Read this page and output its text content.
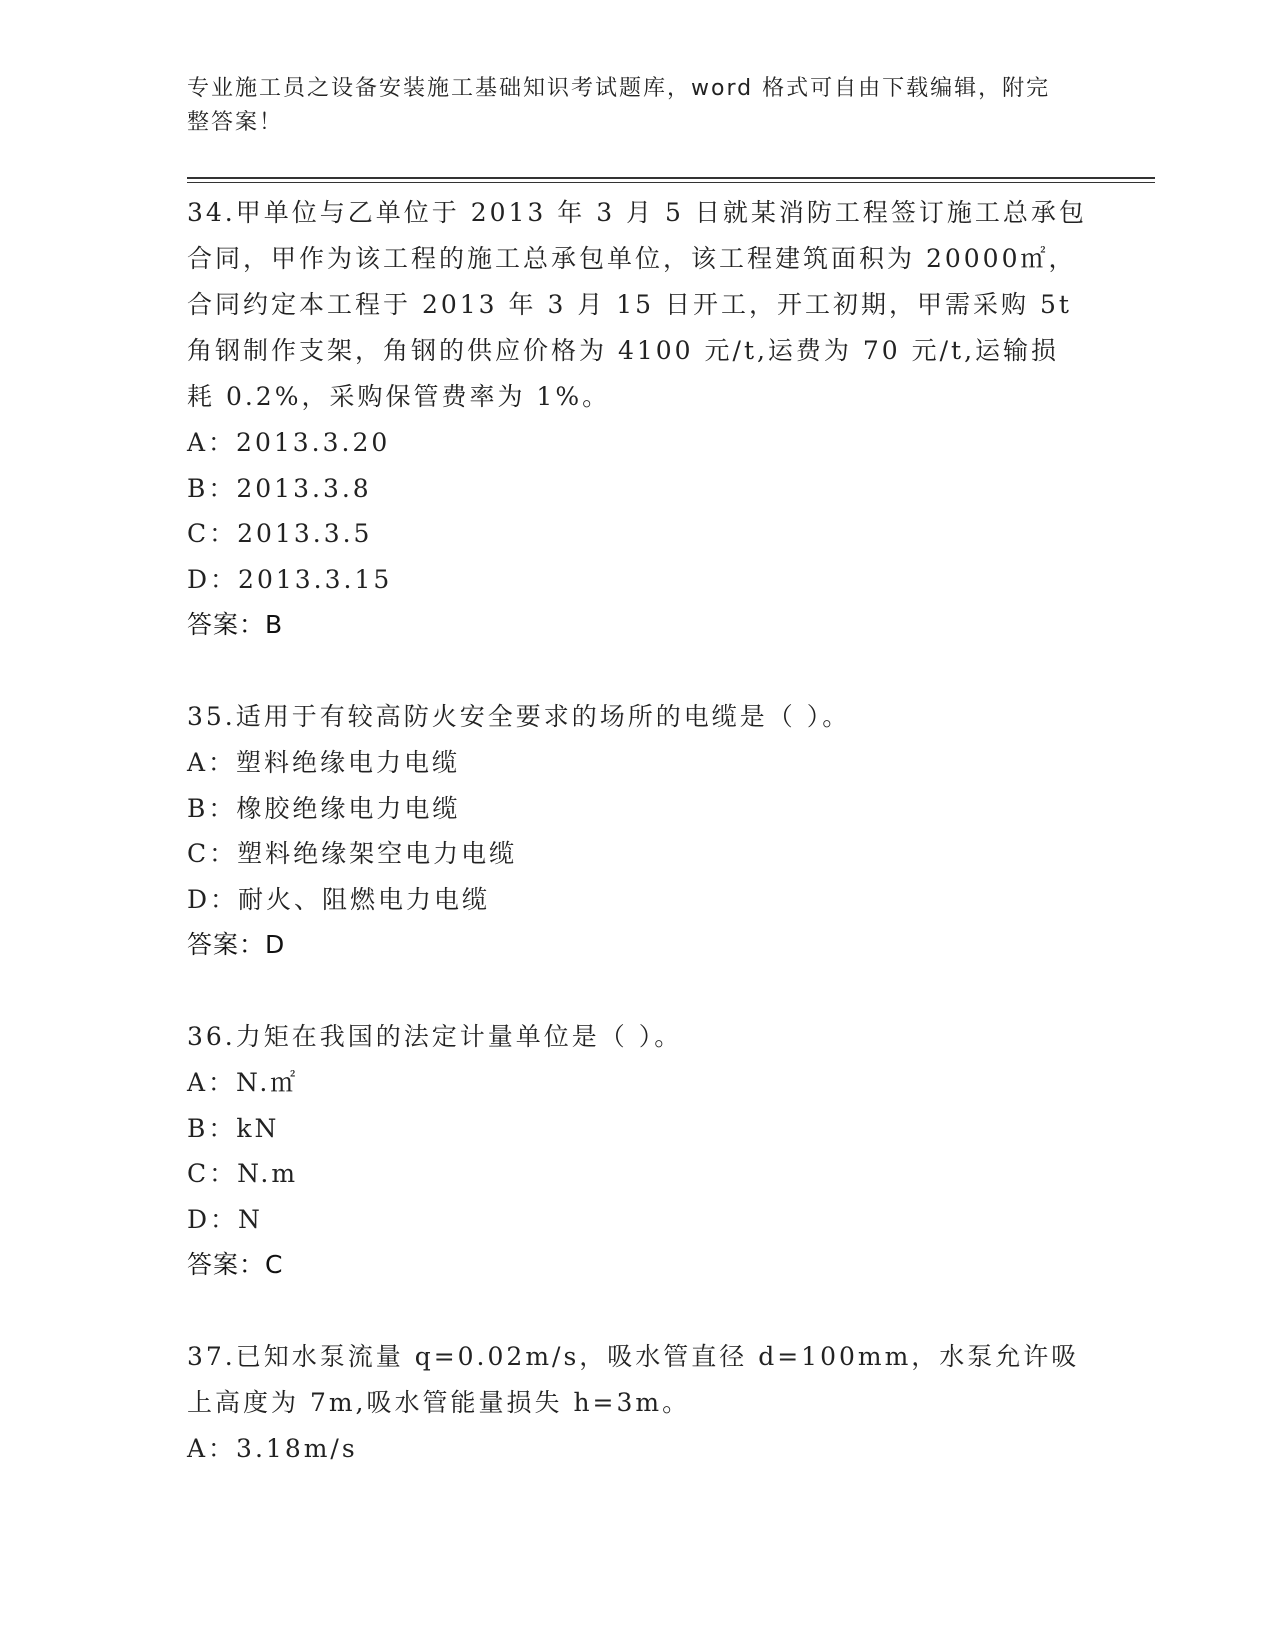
专业施工员之设备安装施工基础知识考试题库，word 格式可自由下载编辑，附完整答案！

34.甲单位与乙单位于 2013 年 3 月 5 日就某消防工程签订施工总承包合同，甲作为该工程的施工总承包单位，该工程建筑面积为 20000㎡，合同约定本工程于 2013 年 3 月 15 日开工，开工初期，甲需采购 5t 角钢制作支架，角钢的供应价格为 4100 元/t,运费为 70 元/t,运输损耗 0.2%，采购保管费率为 1%。

A：2013.3.20

B：2013.3.8

C：2013.3.5

D：2013.3.15

答案：B

35.适用于有较高防火安全要求的场所的电缆是（ ）。

A：塑料绝缘电力电缆

B：橡胶绝缘电力电缆

C：塑料绝缘架空电力电缆

D：耐火、阻燃电力电缆

答案：D

36.力矩在我国的法定计量单位是（ ）。

A：N.㎡

B：kN

C：N.m

D：N

答案：C

37.已知水泵流量 q=0.02m/s，吸水管直径 d=100mm，水泵允许吸上高度为 7m,吸水管能量损失 h=3m。

A：3.18m/s
